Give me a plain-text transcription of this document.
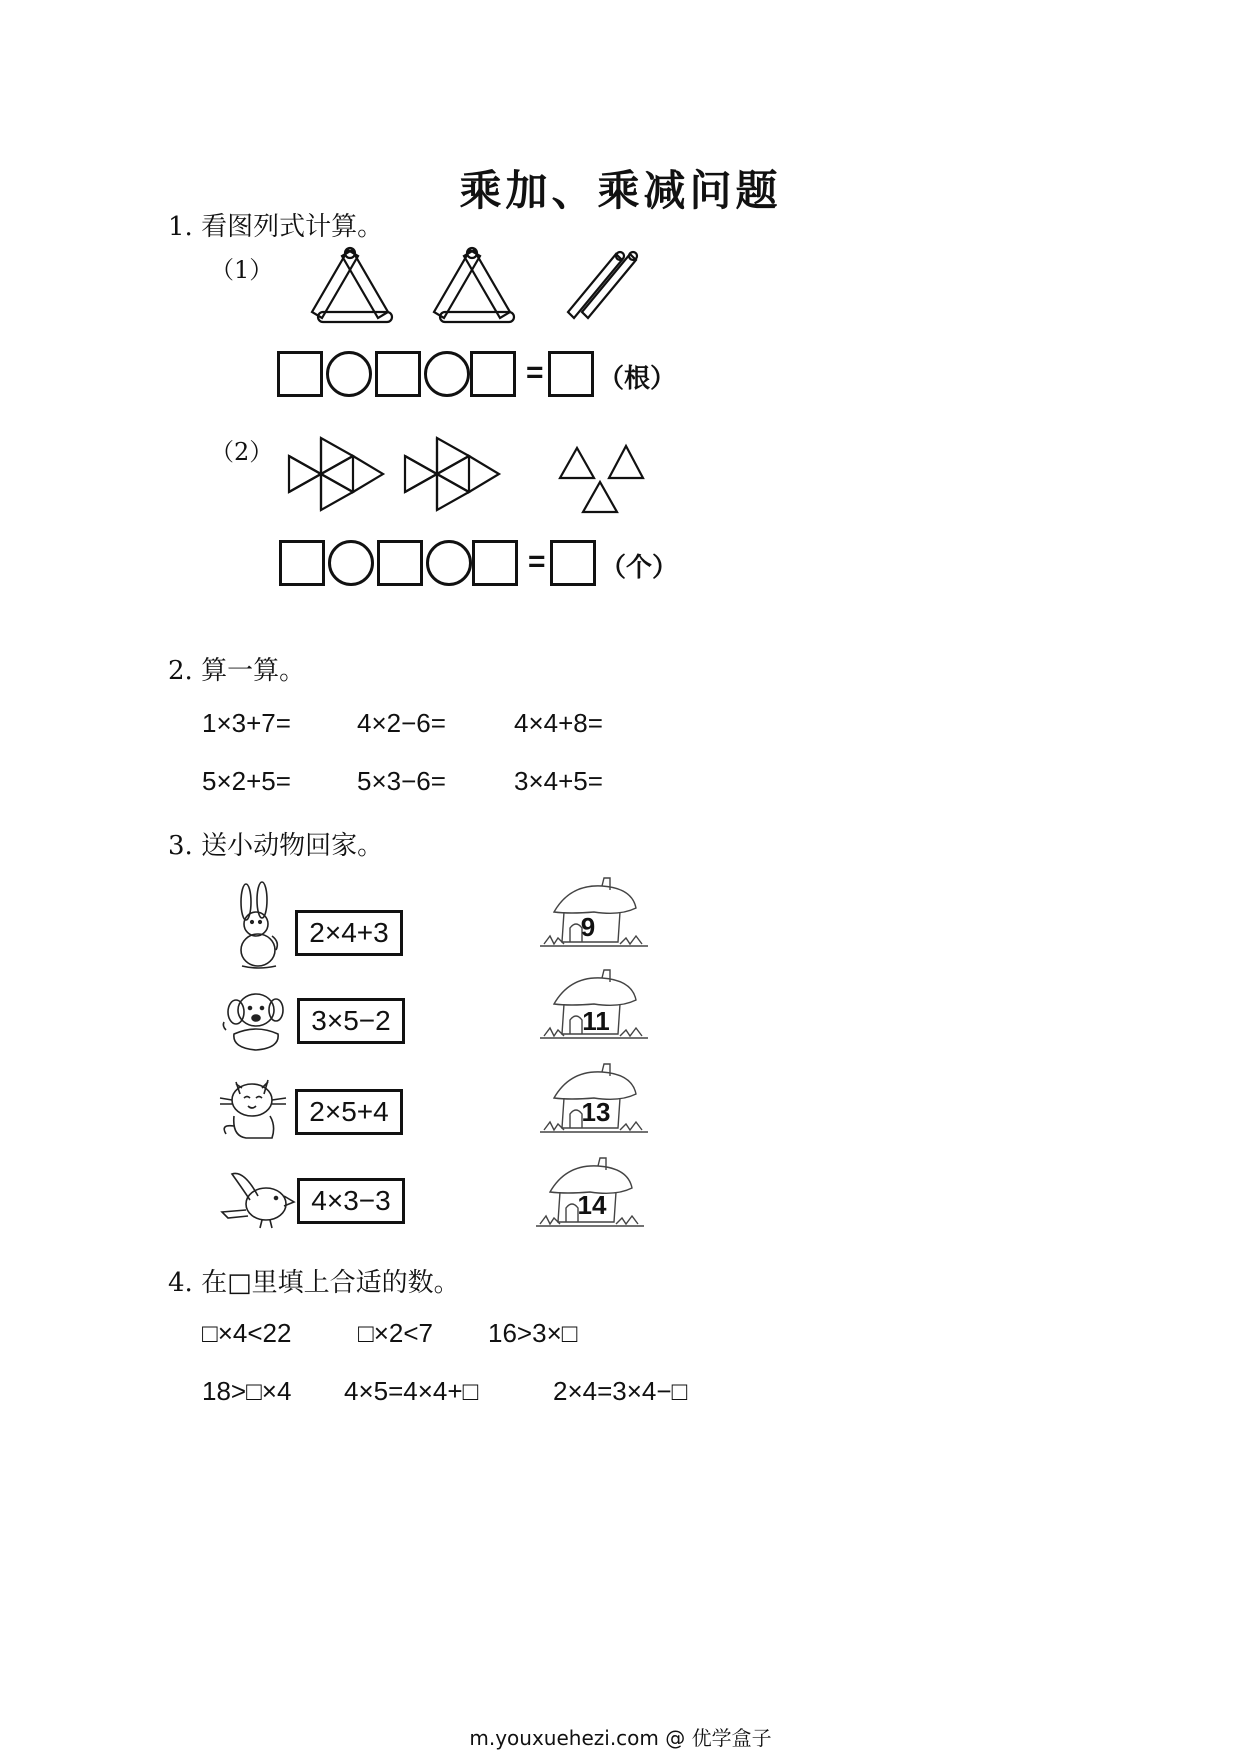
乘加、乘减问题
1. 看图列式计算。
（1）
= （根）
（2）
= （个）
2. 算一算。
1×3+7=	4×2−6=	4×4+8=
5×2+5=	5×3−6=	3×4+5=
3. 送小动物回家。
2×4+3
3×5−2
2×5+4
4×3−3
9
11
13
14
4. 在□里填上合适的数。
□×4<22	□×2<7 16>3×□
18>□×4 4×5=4×4+□	2×4=3×4−□
m.youxuehezi.com @ 优学盒子
